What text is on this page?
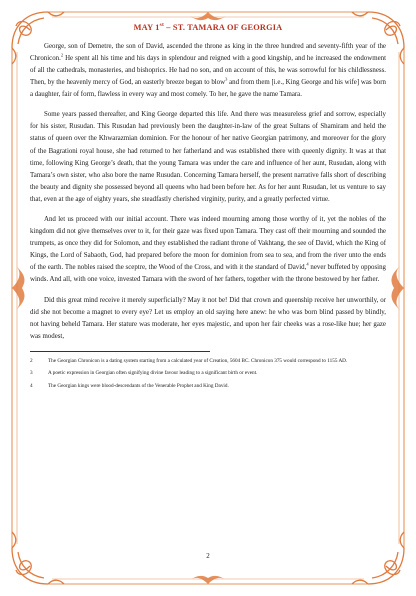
MAY 1st – ST. TAMARA OF GEORGIA

George, son of Demetre, the son of David, ascended the throne as king in the three hundred and seventy-fifth year of the Chronicon.$^2$ He spent all his time and his days in splendour and reigned with a good kingship, and he increased the endowment of all the cathedrals, monasteries, and bishoprics. He had no son, and on account of this, he was sorrowful for his childlessness. Then, by the heavenly mercy of God, an easterly breeze began to blow$^3$ and from them [i.e., King George and his wife] was born a daughter, fair of form, flawless in every way and most comely. To her, he gave the name Tamara.

Some years passed thereafter, and King George departed this life. And there was measureless grief and sorrow, especially for his sister, Rusudan. This Rusudan had previously been the daughter-in-law of the great Sultans of Shamiram and held the status of queen over the Khwarazmian dominion. For the honour of her native Georgian patrimony, and moreover for the glory of the Bagrationi royal house, she had returned to her fatherland and was established there with queenly dignity. It was at that time, following King George’s death, that the young Tamara was under the care and influence of her aunt, Rusudan, along with Tamara’s own sister, who also bore the name Rusudan. Concerning Tamara herself, the present narrative falls short of describing the beauty and dignity she possessed beyond all queens who had been before her. As for her aunt Rusudan, let us venture to say that, even at the age of eighty years, she steadfastly cherished virginity, purity, and a greatly perfected virtue.

And let us proceed with our initial account. There was indeed mourning among those worthy of it, yet the nobles of the kingdom did not give themselves over to it, for their gaze was fixed upon Tamara. They cast off their mourning and sounded the trumpets, as once they did for Solomon, and they established the radiant throne of Vakhtang, the see of David, which the King of Kings, the Lord of Sabaoth, God, had prepared before the moon for dominion from sea to sea, and from the river unto the ends of the earth. The nobles raised the sceptre, the Wood of the Cross, and with it the standard of David,$^4$ never buffeted by opposing winds. And all, with one voice, invested Tamara with the sword of her fathers, together with the throne bestowed by her father.

Did this great mind receive it merely superficially? May it not be! Did that crown and queenship receive her unworthily, or did she not become a magnet to every eye? Let us employ an old saying here anew: he who was born blind passed by blindly, not having beheld Tamara. Her stature was moderate, her eyes majestic, and upon her fair cheeks was a rose-like hue; her gaze was modest,

2	The Georgian Chronicon is a dating system starting from a calculated year of Creation, 5604 BC. Chronicon 375 would correspond to 1155 AD.
3	A poetic expression in Georgian often signifying divine favour leading to a significant birth or event.
4	The Georgian kings were blood-descendants of the Venerable Prophet and King David.
2
